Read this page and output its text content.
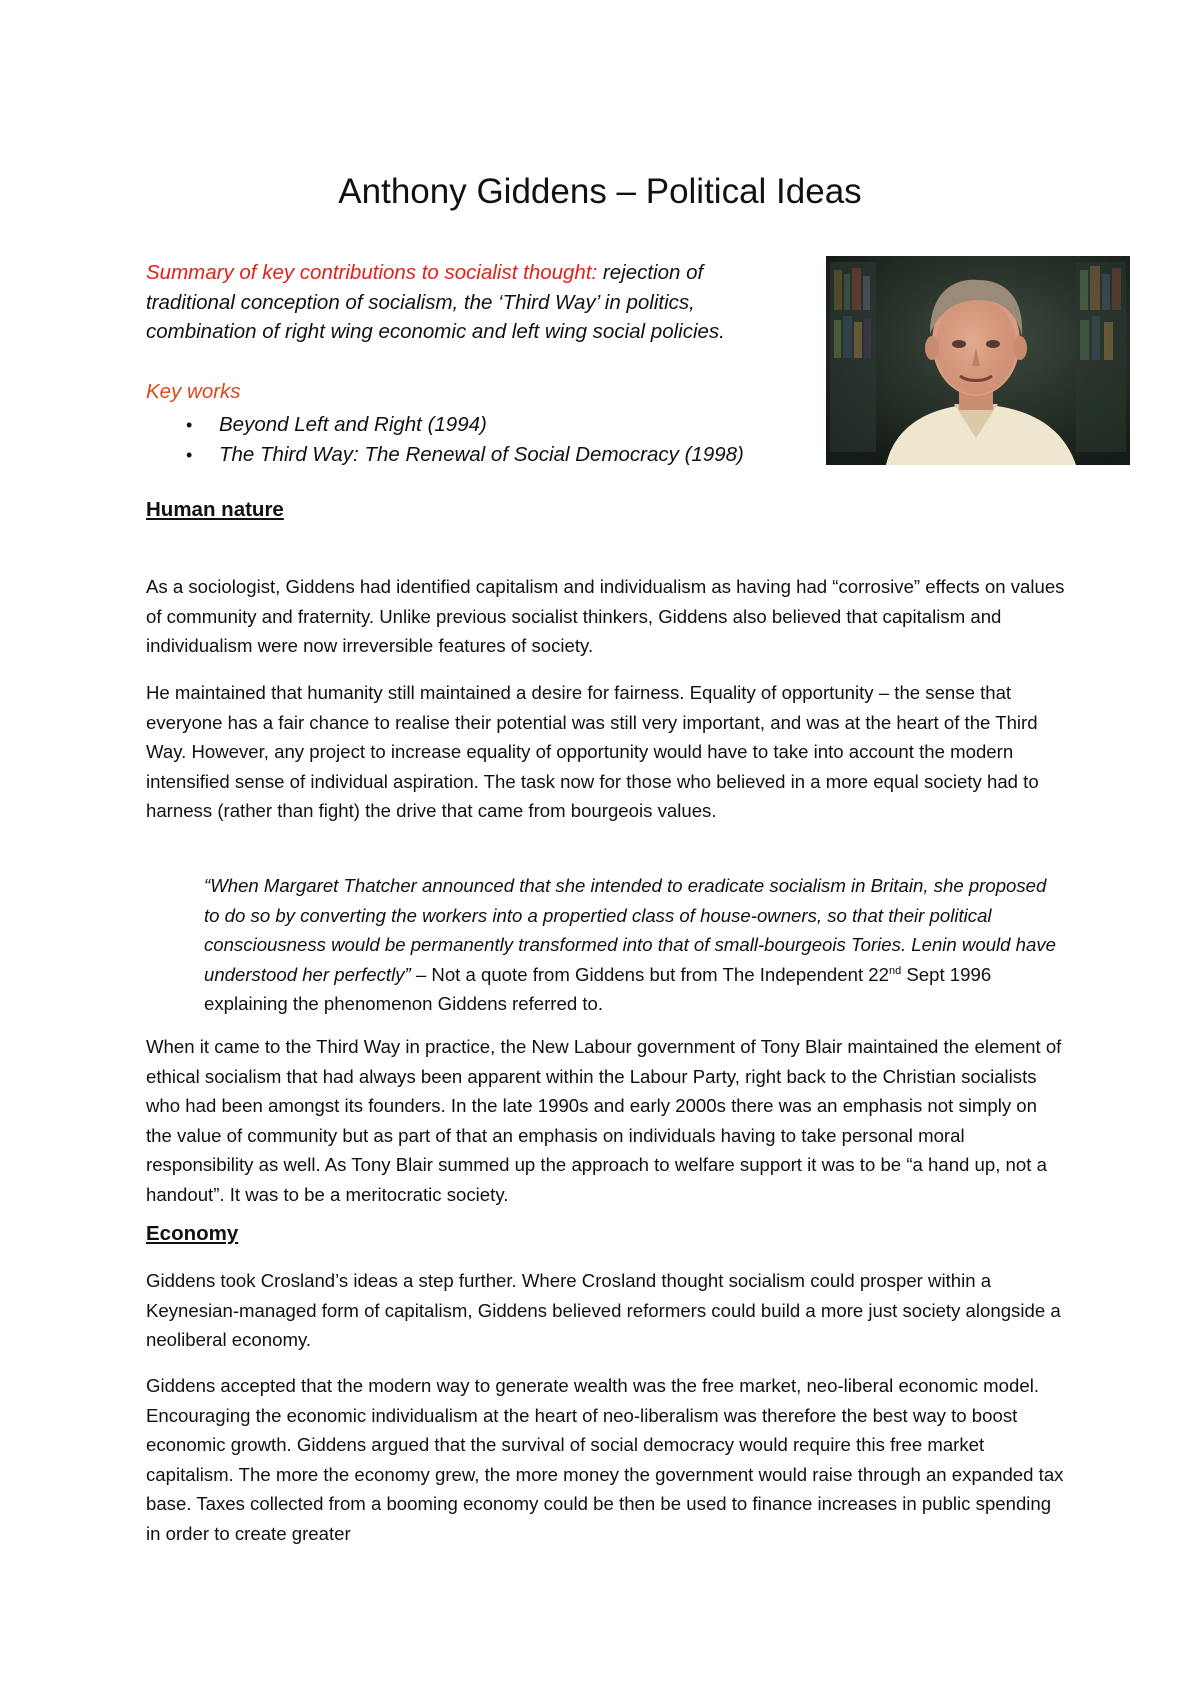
Anthony Giddens – Political Ideas

Summary of key contributions to socialist thought: rejection of traditional conception of socialism, the ‘Third Way’ in politics, combination of right wing economic and left wing social policies.

Key works

• Beyond Left and Right (1994)
• The Third Way: The Renewal of Social Democracy (1998)
Human nature

As a sociologist, Giddens had identified capitalism and individualism as having had “corrosive” effects on values of community and fraternity. Unlike previous socialist thinkers, Giddens also believed that capitalism and individualism were now irreversible features of society.

He maintained that humanity still maintained a desire for fairness. Equality of opportunity – the sense that everyone has a fair chance to realise their potential was still very important, and was at the heart of the Third Way. However, any project to increase equality of opportunity would have to take into account the modern intensified sense of individual aspiration. The task now for those who believed in a more equal society had to harness (rather than fight) the drive that came from bourgeois values.

“When Margaret Thatcher announced that she intended to eradicate socialism in Britain, she proposed to do so by converting the workers into a propertied class of house-owners, so that their political consciousness would be permanently transformed into that of small-bourgeois Tories. Lenin would have understood her perfectly” – Not a quote from Giddens but from The Independent 22nd Sept 1996 explaining the phenomenon Giddens referred to.

When it came to the Third Way in practice, the New Labour government of Tony Blair maintained the element of ethical socialism that had always been apparent within the Labour Party, right back to the Christian socialists who had been amongst its founders. In the late 1990s and early 2000s there was an emphasis not simply on the value of community but as part of that an emphasis on individuals having to take personal moral responsibility as well. As Tony Blair summed up the approach to welfare support it was to be “a hand up, not a handout”. It was to be a meritocratic society.

Economy

Giddens took Crosland’s ideas a step further. Where Crosland thought socialism could prosper within a Keynesian-managed form of capitalism, Giddens believed reformers could build a more just society alongside a neoliberal economy.

Giddens accepted that the modern way to generate wealth was the free market, neo-liberal economic model. Encouraging the economic individualism at the heart of neo-liberalism was therefore the best way to boost economic growth. Giddens argued that the survival of social democracy would require this free market capitalism. The more the economy grew, the more money the government would raise through an expanded tax base. Taxes collected from a booming economy could be then be used to finance increases in public spending in order to create greater
